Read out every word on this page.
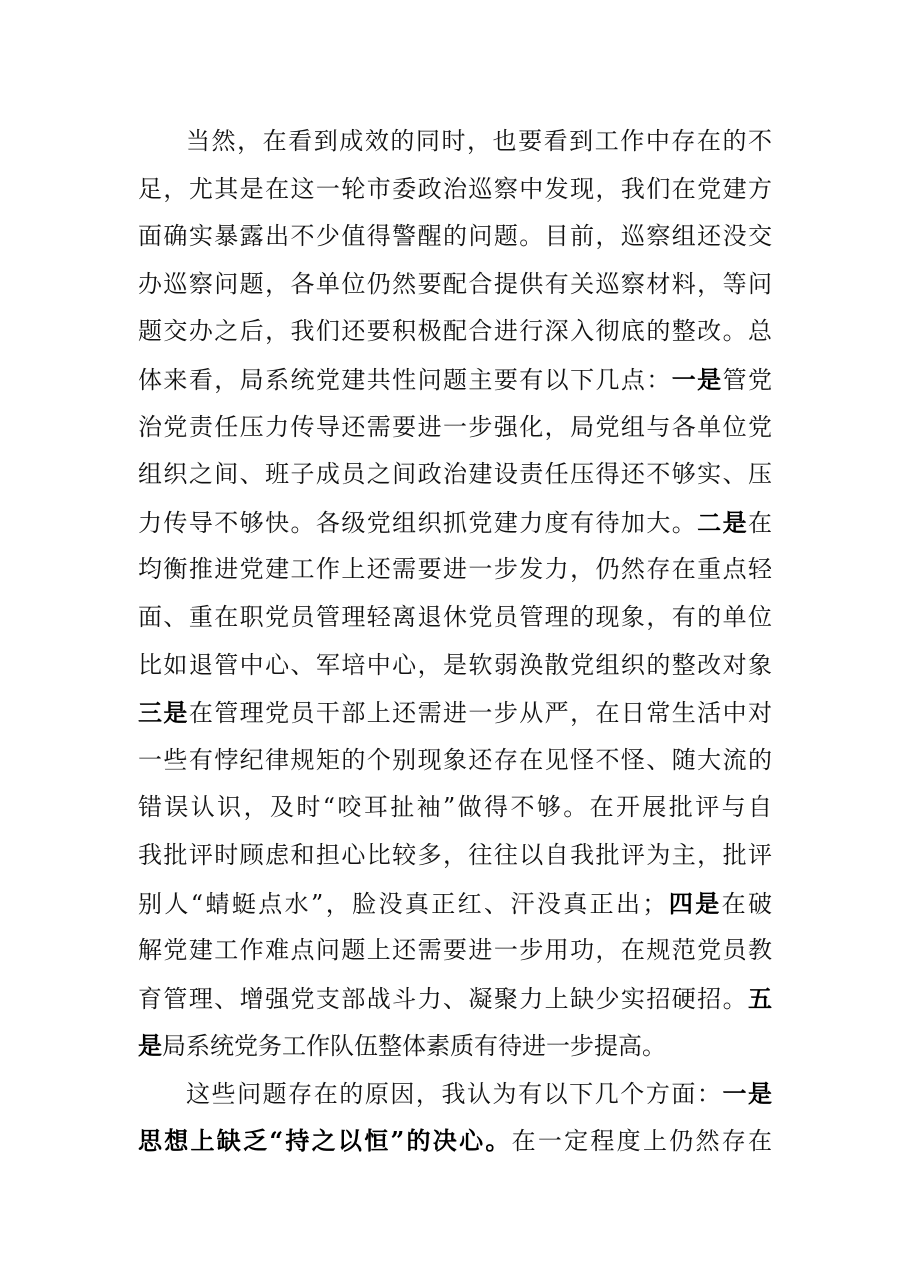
当然，在看到成效的同时，也要看到工作中存在的不
足，尤其是在这一轮市委政治巡察中发现，我们在党建方
面确实暴露出不少值得警醒的问题。目前，巡察组还没交
办巡察问题，各单位仍然要配合提供有关巡察材料，等问
题交办之后，我们还要积极配合进行深入彻底的整改。总
体来看，局系统党建共性问题主要有以下几点：一是管党
治党责任压力传导还需要进一步强化，局党组与各单位党
组织之间、班子成员之间政治建设责任压得还不够实、压
力传导不够快。各级党组织抓党建力度有待加大。二是在
均衡推进党建工作上还需要进一步发力，仍然存在重点轻
面、重在职党员管理轻离退休党员管理的现象，有的单位
比如退管中心、军培中心，是软弱涣散党组织的整改对象
三是在管理党员干部上还需进一步从严，在日常生活中对
一些有悖纪律规矩的个别现象还存在见怪不怪、随大流的
错误认识，及时“咬耳扯袖”做得不够。在开展批评与自
我批评时顾虑和担心比较多，往往以自我批评为主，批评
别人“蜻蜓点水”，脸没真正红、汗没真正出；四是在破
解党建工作难点问题上还需要进一步用功，在规范党员教
育管理、增强党支部战斗力、凝聚力上缺少实招硬招。五
是局系统党务工作队伍整体素质有待进一步提高。
这些问题存在的原因，我认为有以下几个方面：一是
思想上缺乏“持之以恒”的决心。在一定程度上仍然存在
